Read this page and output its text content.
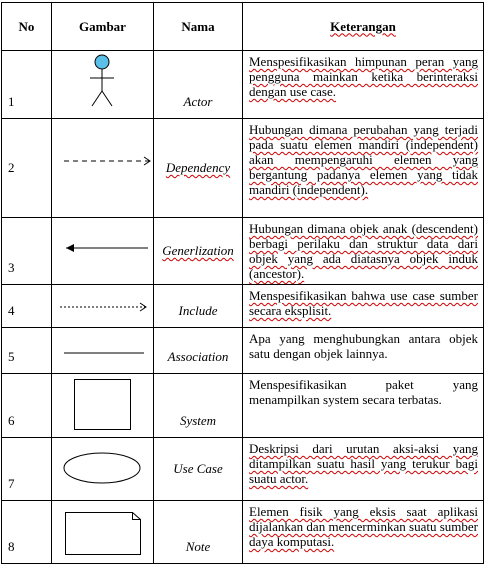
No	Gambar	Nama	Keterangan
1		Actor	Menspesifikasikan himpunan peran yang pengguna mainkan ketika berinteraksi dengan use case.

2		Dependency	Hubungan dimana perubahan yang terjadi pada suatu elemen mandiri (independent) akan mempengaruhi elemen yang bergantung padanya elemen yang tidak mandiri (independent).

3		Generlization	Hubungan dimana objek anak (descendent) berbagi perilaku dan struktur data dari objek yang ada diatasnya objek induk (ancestor).

4		Include	Menspesifikasikan bahwa use case sumber secara eksplisit.

5		Association	Apa yang menghubungkan antara objek satu dengan objek lainnya.

6		System	Menspesifikasikan paket yang menampilkan system secara terbatas.

7		Use Case	Deskripsi dari urutan aksi-aksi yang ditampilkan suatu hasil yang terukur bagi suatu actor.

8		Note	Elemen fisik yang eksis saat aplikasi dijalankan dan mencerminkan suatu sumber daya komputasi.
